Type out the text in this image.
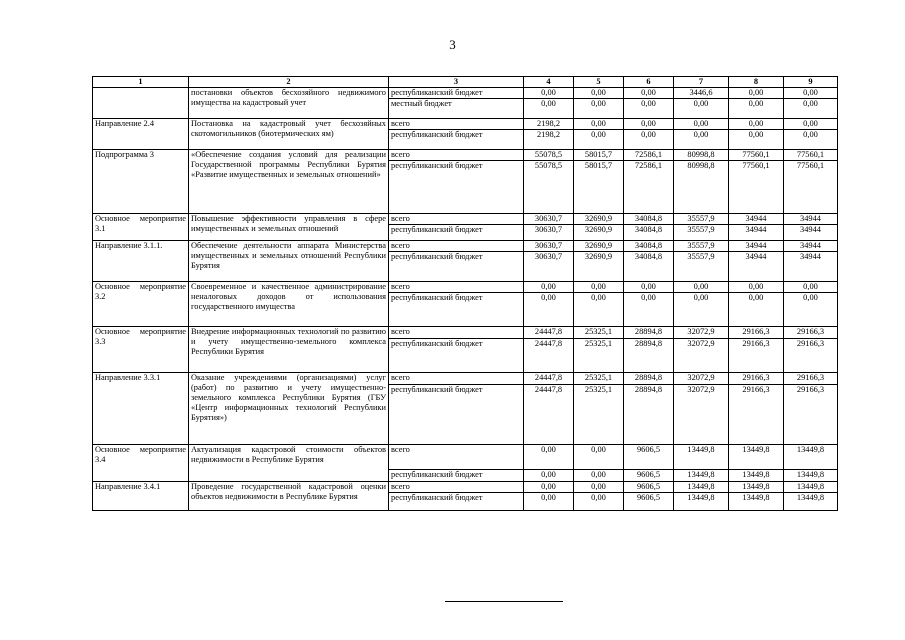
3
1	2	3	4	5	6	7	8	9
	постановки объектов бесхозяйного недвижимого имущества на кадастровый учет	республиканский бюджет	0,00	0,00	0,00	3446,6	0,00	0,00
		местный бюджет	0,00	0,00	0,00	0,00	0,00	0,00
Направление 2.4	Постановка на кадастровый учет бесхозяйных скотомогильников (биотермических ям)	всего	2198,2	0,00	0,00	0,00	0,00	0,00
		республиканский бюджет	2198,2	0,00	0,00	0,00	0,00	0,00
Подпрограмма 3	«Обеспечение создания условий для реализации Государственной программы Республики Бурятия «Развитие имущественных и земельных отношений»	всего	55078,5	58015,7	72586,1	80998,8	77560,1	77560,1
		республиканский бюджет	55078,5	58015,7	72586,1	80998,8	77560,1	77560,1
Основное мероприятие 3.1	Повышение эффективности управления в сфере имущественных и земельных отношений	всего	30630,7	32690,9	34084,8	35557,9	34944	34944
		республиканский бюджет	30630,7	32690,9	34084,8	35557,9	34944	34944
Направление 3.1.1.	Обеспечение деятельности аппарата Министерства имущественных и земельных отношений Республики Бурятия	всего	30630,7	32690,9	34084,8	35557,9	34944	34944
		республиканский бюджет	30630,7	32690,9	34084,8	35557,9	34944	34944
Основное мероприятие 3.2	Своевременное и качественное администрирование неналоговых доходов от использования государственного имущества	всего	0,00	0,00	0,00	0,00	0,00	0,00
		республиканский бюджет	0,00	0,00	0,00	0,00	0,00	0,00
Основное мероприятие 3.3	Внедрение информационных технологий по развитию и учету имущественно-земельного комплекса Республики Бурятия	всего	24447,8	25325,1	28894,8	32072,9	29166,3	29166,3
		республиканский бюджет	24447,8	25325,1	28894,8	32072,9	29166,3	29166,3
Направление 3.3.1	Оказание учреждениями (организациями) услуг (работ) по развитию и учету имущественно-земельного комплекса Республики Бурятия (ГБУ «Центр информационных технологий Республики Бурятия»)	всего	24447,8	25325,1	28894,8	32072,9	29166,3	29166,3
		республиканский бюджет	24447,8	25325,1	28894,8	32072,9	29166,3	29166,3
Основное мероприятие 3.4	Актуализация кадастровой стоимости объектов недвижимости в Республике Бурятия	всего	0,00	0,00	9606,5	13449,8	13449,8	13449,8
		республиканский бюджет	0,00	0,00	9606,5	13449,8	13449,8	13449,8
Направление 3.4.1	Проведение государственной кадастровой оценки объектов недвижимости в Республике Бурятия	всего	0,00	0,00	9606,5	13449,8	13449,8	13449,8
		республиканский бюджет	0,00	0,00	9606,5	13449,8	13449,8	13449,8
